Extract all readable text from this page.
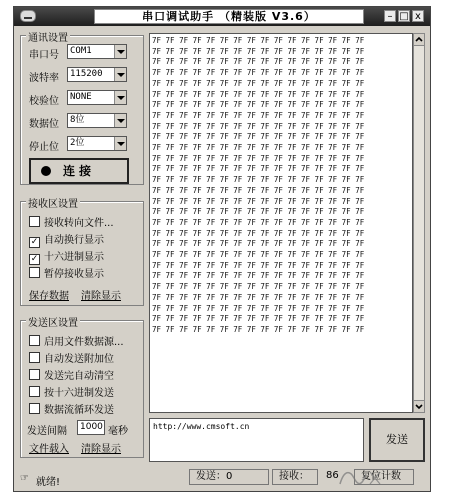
串口调试助手 （精装版 V3.6）	– □ x
通讯设置
串口号	COM1
波特率	115200
校验位	NONE
数据位	8位
停止位	2位
连接
接收区设置
接收转向文件...
✓ 自动换行显示
✓ 十六进制显示
暂停接收显示
保存数据 清除显示
发送区设置
启用文件数据源...
自动发送附加位
发送完自动清空
按十六进制发送
数据流循环发送
发送间隔	1000 毫秒
文件载入 清除显示
7F 7F 7F 7F 7F 7F 7F 7F 7F 7F 7F 7F 7F 7F 7F 7F
7F 7F 7F 7F 7F 7F 7F 7F 7F 7F 7F 7F 7F 7F 7F 7F
7F 7F 7F 7F 7F 7F 7F 7F 7F 7F 7F 7F 7F 7F 7F 7F
7F 7F 7F 7F 7F 7F 7F 7F 7F 7F 7F 7F 7F 7F 7F 7F
7F 7F 7F 7F 7F 7F 7F 7F 7F 7F 7F 7F 7F 7F 7F 7F
7F 7F 7F 7F 7F 7F 7F 7F 7F 7F 7F 7F 7F 7F 7F 7F
7F 7F 7F 7F 7F 7F 7F 7F 7F 7F 7F 7F 7F 7F 7F 7F
7F 7F 7F 7F 7F 7F 7F 7F 7F 7F 7F 7F 7F 7F 7F 7F
7F 7F 7F 7F 7F 7F 7F 7F 7F 7F 7F 7F 7F 7F 7F 7F
7F 7F 7F 7F 7F 7F 7F 7F 7F 7F 7F 7F 7F 7F 7F 7F
7F 7F 7F 7F 7F 7F 7F 7F 7F 7F 7F 7F 7F 7F 7F 7F
7F 7F 7F 7F 7F 7F 7F 7F 7F 7F 7F 7F 7F 7F 7F 7F
7F 7F 7F 7F 7F 7F 7F 7F 7F 7F 7F 7F 7F 7F 7F 7F
7F 7F 7F 7F 7F 7F 7F 7F 7F 7F 7F 7F 7F 7F 7F 7F
7F 7F 7F 7F 7F 7F 7F 7F 7F 7F 7F 7F 7F 7F 7F 7F
7F 7F 7F 7F 7F 7F 7F 7F 7F 7F 7F 7F 7F 7F 7F 7F
7F 7F 7F 7F 7F 7F 7F 7F 7F 7F 7F 7F 7F 7F 7F 7F
7F 7F 7F 7F 7F 7F 7F 7F 7F 7F 7F 7F 7F 7F 7F 7F
7F 7F 7F 7F 7F 7F 7F 7F 7F 7F 7F 7F 7F 7F 7F 7F
7F 7F 7F 7F 7F 7F 7F 7F 7F 7F 7F 7F 7F 7F 7F 7F
7F 7F 7F 7F 7F 7F 7F 7F 7F 7F 7F 7F 7F 7F 7F 7F
7F 7F 7F 7F 7F 7F 7F 7F 7F 7F 7F 7F 7F 7F 7F 7F
7F 7F 7F 7F 7F 7F 7F 7F 7F 7F 7F 7F 7F 7F 7F 7F
7F 7F 7F 7F 7F 7F 7F 7F 7F 7F 7F 7F 7F 7F 7F 7F
7F 7F 7F 7F 7F 7F 7F 7F 7F 7F 7F 7F 7F 7F 7F 7F
7F 7F 7F 7F 7F 7F 7F 7F 7F 7F 7F 7F 7F 7F 7F 7F
7F 7F 7F 7F 7F 7F 7F 7F 7F 7F 7F 7F 7F 7F 7F 7F
7F 7F 7F 7F 7F 7F 7F 7F 7F 7F 7F 7F 7F 7F 7F 7F
http://www.cmsoft.cn
发送
☞ 就绪!
发送：0	接收：	86	复位计数
